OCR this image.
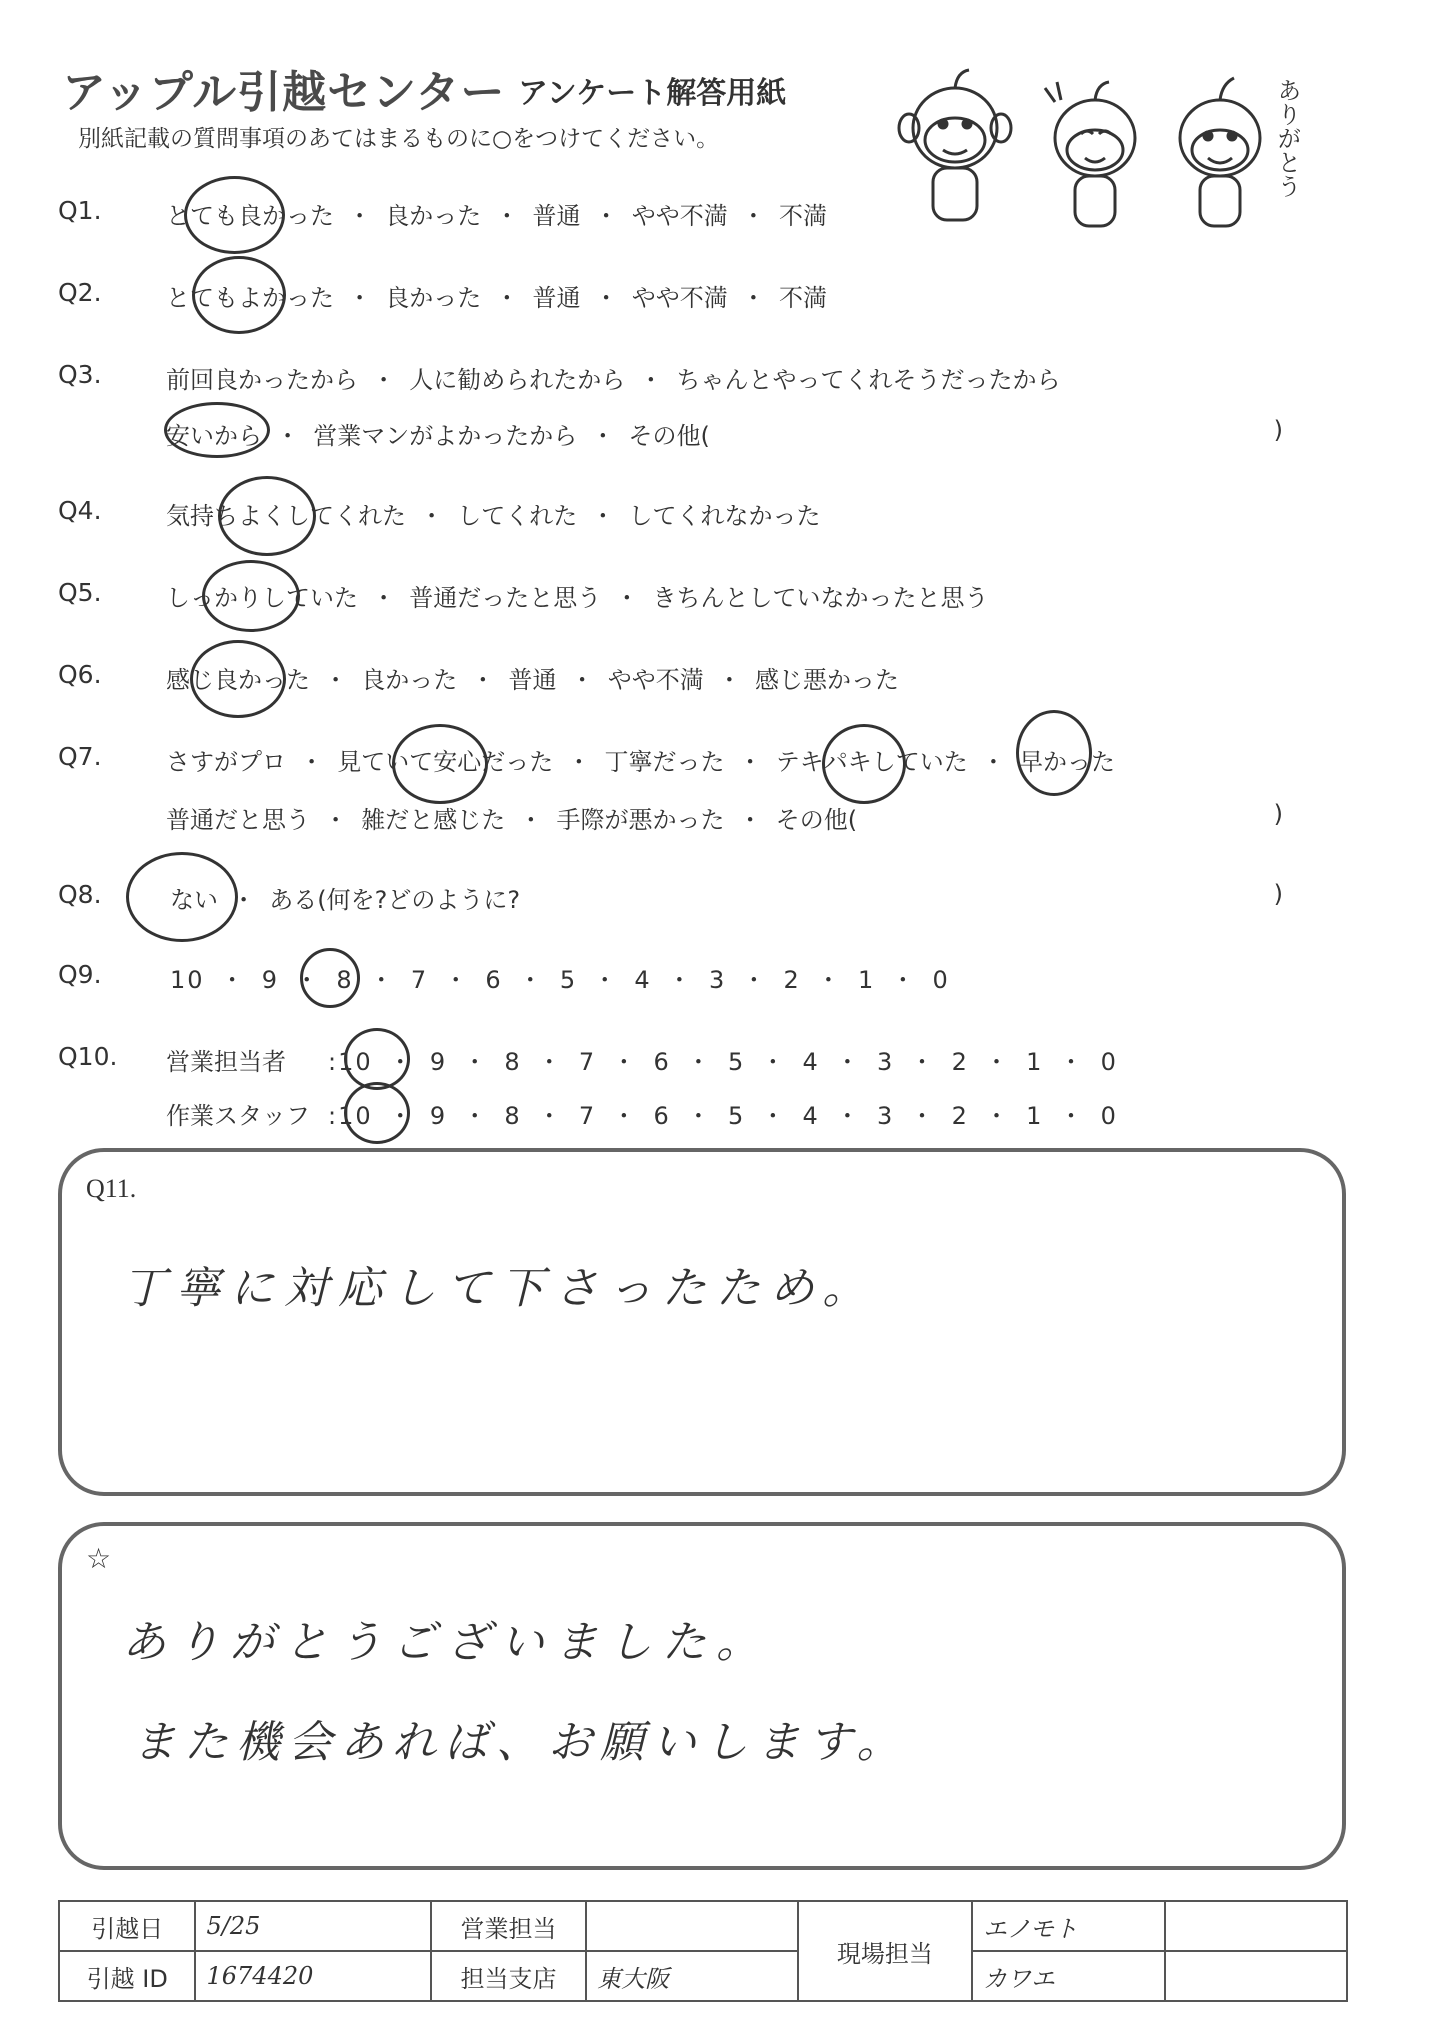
アップル引越センター アンケート解答用紙
別紙記載の質問事項のあてはまるものに○をつけてください。	ありがとう
Q1.	とても良かった ・ 良かった ・ 普通 ・ やや不満 ・ 不満
Q2.	とてもよかった ・ 良かった ・ 普通 ・ やや不満 ・ 不満
Q3.	前回良かったから ・ 人に勧められたから ・ ちゃんとやってくれそうだったから
安いから ・ 営業マンがよかったから ・ その他(	)
Q4.	気持ちよくしてくれた ・ してくれた ・ してくれなかった
Q5.	しっかりしていた ・ 普通だったと思う ・ きちんとしていなかったと思う
Q6.	感じ良かった ・ 良かった ・ 普通 ・ やや不満 ・ 感じ悪かった
Q7.	さすがプロ ・ 見ていて安心だった ・ 丁寧だった ・ テキパキしていた ・ 早かった
普通だと思う ・ 雑だと感じた ・ 手際が悪かった ・ その他(	)
Q8.	ない ・ ある(何を?どのように?	)
Q9.	10 ・ 9 ・ 8 ・ 7 ・ 6 ・ 5 ・ 4 ・ 3 ・ 2 ・ 1 ・ 0
Q10. 営業担当者 :10 ・ 9 ・ 8 ・ 7 ・ 6 ・ 5 ・ 4 ・ 3 ・ 2 ・ 1 ・ 0
作業スタッフ :10 ・ 9 ・ 8 ・ 7 ・ 6 ・ 5 ・ 4 ・ 3 ・ 2 ・ 1 ・ 0
Q11.
丁寧に対応して下さったため。
☆
ありがとうございました。
また機会あれば、お願いします。
引越日	5/25	営業担当		現場担当	エノモト	
引越 ID	1674420	担当支店	東大阪		カワエ	
